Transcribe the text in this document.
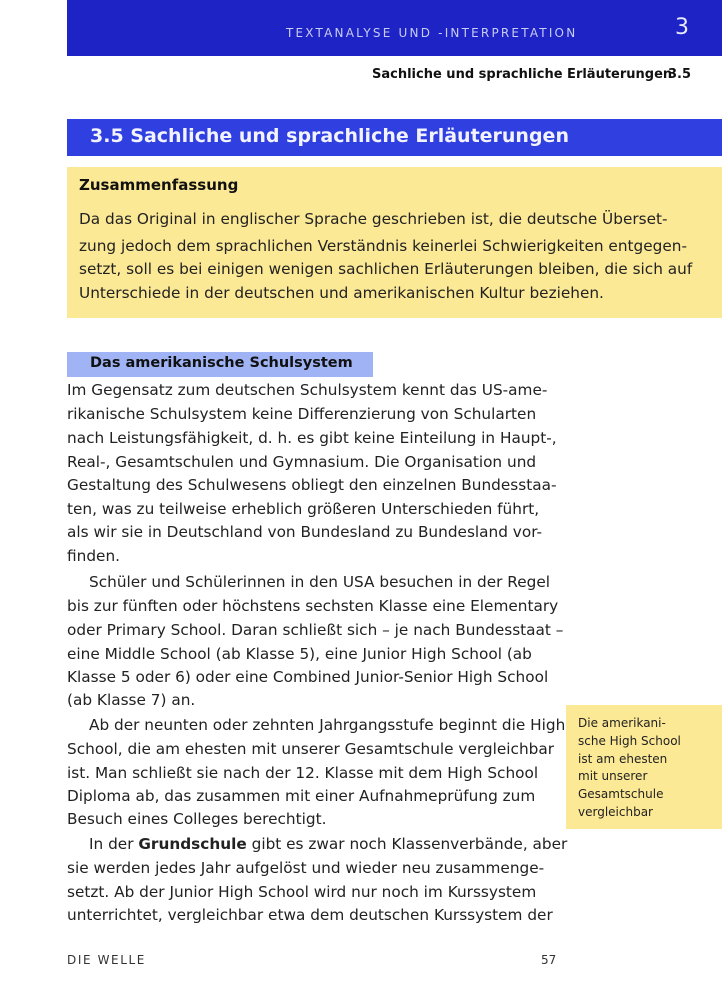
TEXTANALYSE UND -INTERPRETATION	3
Sachliche und sprachliche Erläuterungen
3.5
3.5 Sachliche und sprachliche Erläuterungen
Zusammenfassung
Da das Original in englischer Sprache geschrieben ist, die deutsche Überset-
zung jedoch dem sprachlichen Verständnis keinerlei Schwierigkeiten entgegen-
setzt, soll es bei einigen wenigen sachlichen Erläuterungen bleiben, die sich auf
Unterschiede in der deutschen und amerikanischen Kultur beziehen.
Das amerikanische Schulsystem
Im Gegensatz zum deutschen Schulsystem kennt das US-ame-
rikanische Schulsystem keine Differenzierung von Schularten
nach Leistungsfähigkeit, d. h. es gibt keine Einteilung in Haupt-,
Real-, Gesamtschulen und Gymnasium. Die Organisation und
Gestaltung des Schulwesens obliegt den einzelnen Bundesstaa-
ten, was zu teilweise erheblich größeren Unterschieden führt,
als wir sie in Deutschland von Bundesland zu Bundesland vor-
finden.
Schüler und Schülerinnen in den USA besuchen in der Regel
bis zur fünften oder höchstens sechsten Klasse eine Elementary
oder Primary School. Daran schließt sich – je nach Bundesstaat –
eine Middle School (ab Klasse 5), eine Junior High School (ab
Klasse 5 oder 6) oder eine Combined Junior-Senior High School
(ab Klasse 7) an.
Ab der neunten oder zehnten Jahrgangsstufe beginnt die High
School, die am ehesten mit unserer Gesamtschule vergleichbar
ist. Man schließt sie nach der 12. Klasse mit dem High School
Diploma ab, das zusammen mit einer Aufnahmeprüfung zum
Besuch eines Colleges berechtigt.
In der Grundschule gibt es zwar noch Klassenverbände, aber
sie werden jedes Jahr aufgelöst und wieder neu zusammenge-
setzt. Ab der Junior High School wird nur noch im Kurssystem
unterrichtet, vergleichbar etwa dem deutschen Kurssystem der
Die amerikani-
sche High School
ist am ehesten
mit unserer
Gesamtschule
vergleichbar
DIE WELLE	57
